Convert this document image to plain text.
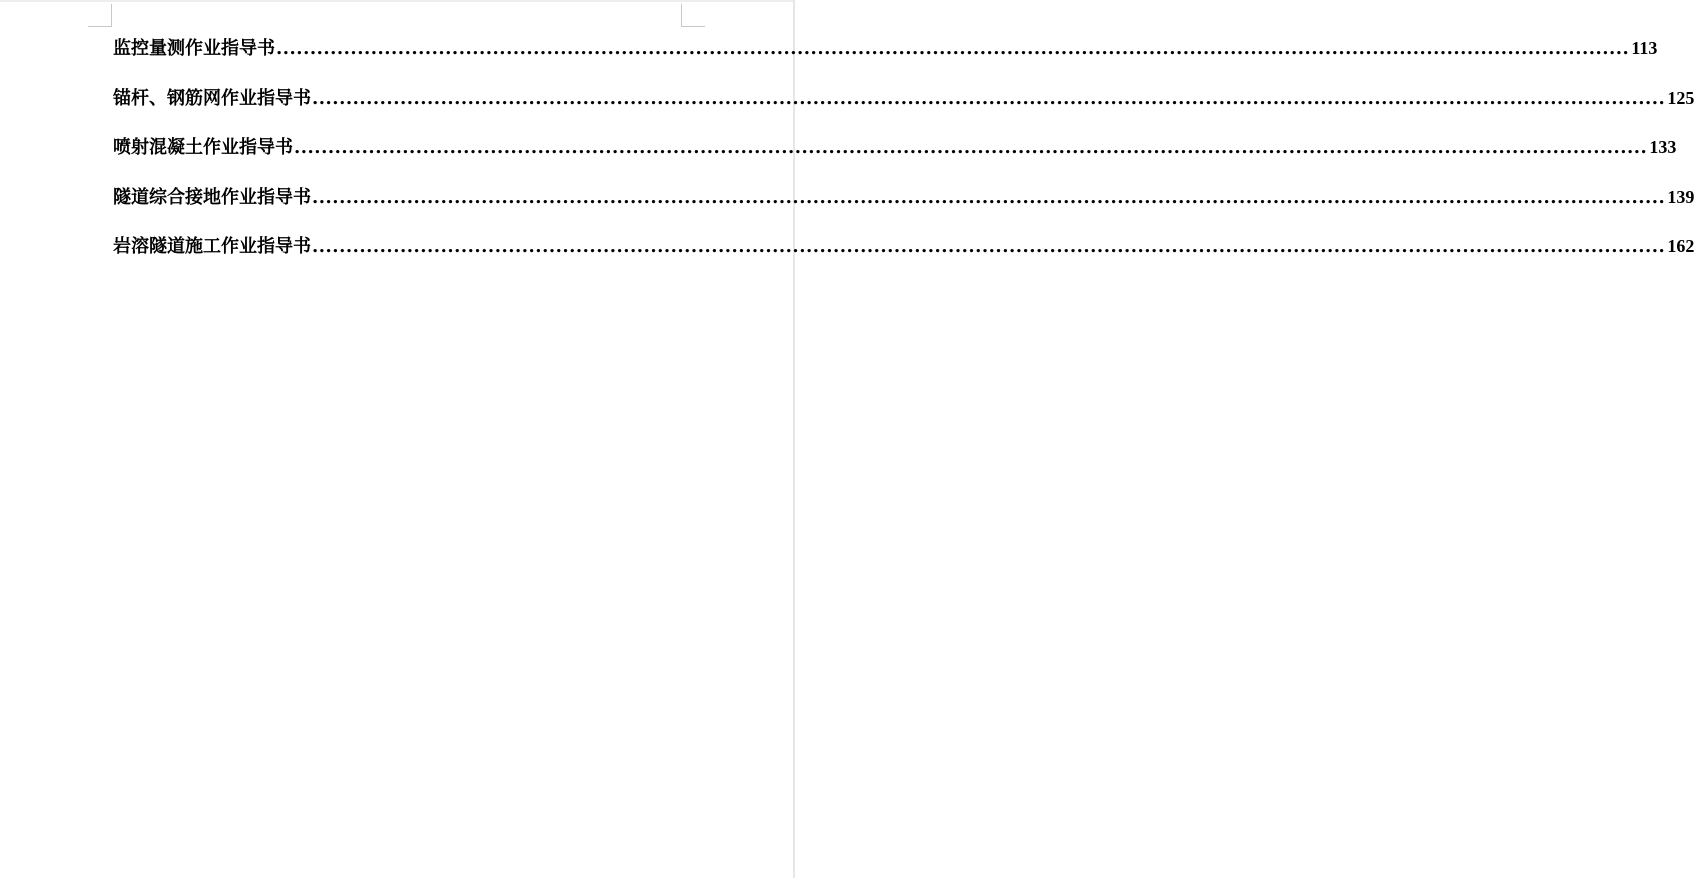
监控量测作业指导书 ........................................................................................................................................................................................................ 113
锚杆、钢筋网作业指导书 ........................................................................................................................................................................................................ 125
喷射混凝土作业指导书 ........................................................................................................................................................................................................ 133
隧道综合接地作业指导书 ........................................................................................................................................................................................................ 139
岩溶隧道施工作业指导书 ........................................................................................................................................................................................................ 162
